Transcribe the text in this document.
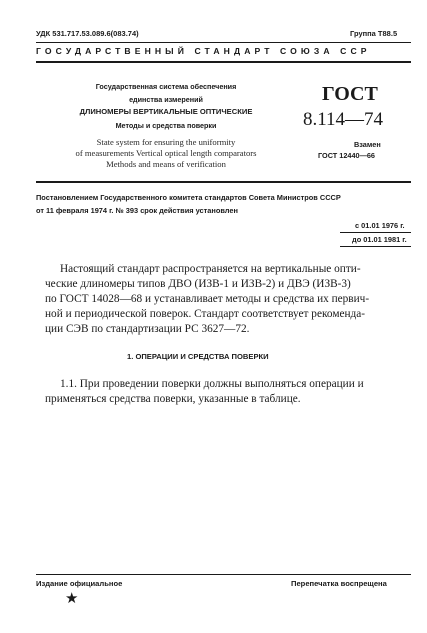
УДК 531.717.53.089.6(083.74)	Группа Т88.5
ГОСУДАРСТВЕННЫЙ СТАНДАРТ СОЮЗА ССР
Государственная система обеспечения
единства измерений
ДЛИНОМЕРЫ ВЕРТИКАЛЬНЫЕ ОПТИЧЕСКИЕ
Методы и средства поверки
State system for ensuring the uniformity
of measurements Vertical optical length comparators
Methods and means of verification
ГОСТ
8.114—74
Взамен
ГОСТ 12440—66
Постановлением Государственного комитета стандартов Совета Министров СССР
от 11 февраля 1974 г. № 393 срок действия установлен
с 01.01 1976 г.
до 01.01 1981 г.
Настоящий стандарт распространяется на вертикальные опти-
ческие длиномеры типов ДВО (ИЗВ-1 и ИЗВ-2) и ДВЭ (ИЗВ-3)
по ГОСТ 14028—68 и устанавливает методы и средства их первич-
ной и периодической поверок. Стандарт соответствует рекоменда-
ции СЭВ по стандартизации РС 3627—72.
1. ОПЕРАЦИИ И СРЕДСТВА ПОВЕРКИ
1.1. При проведении поверки должны выполняться операции и
применяться средства поверки, указанные в таблице.
Издание официальное	Перепечатка воспрещена
★
